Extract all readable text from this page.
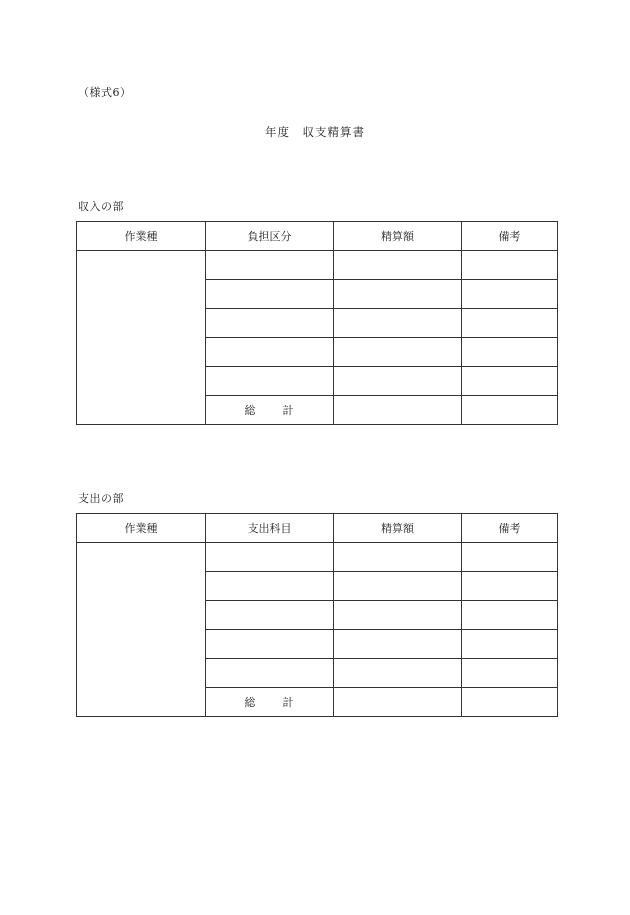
（様式6）
年度　収支精算書
収入の部
作業種	負担区分	精算額	備考

	総 計		
支出の部
作業種	支出科目	精算額	備考

	総 計		
